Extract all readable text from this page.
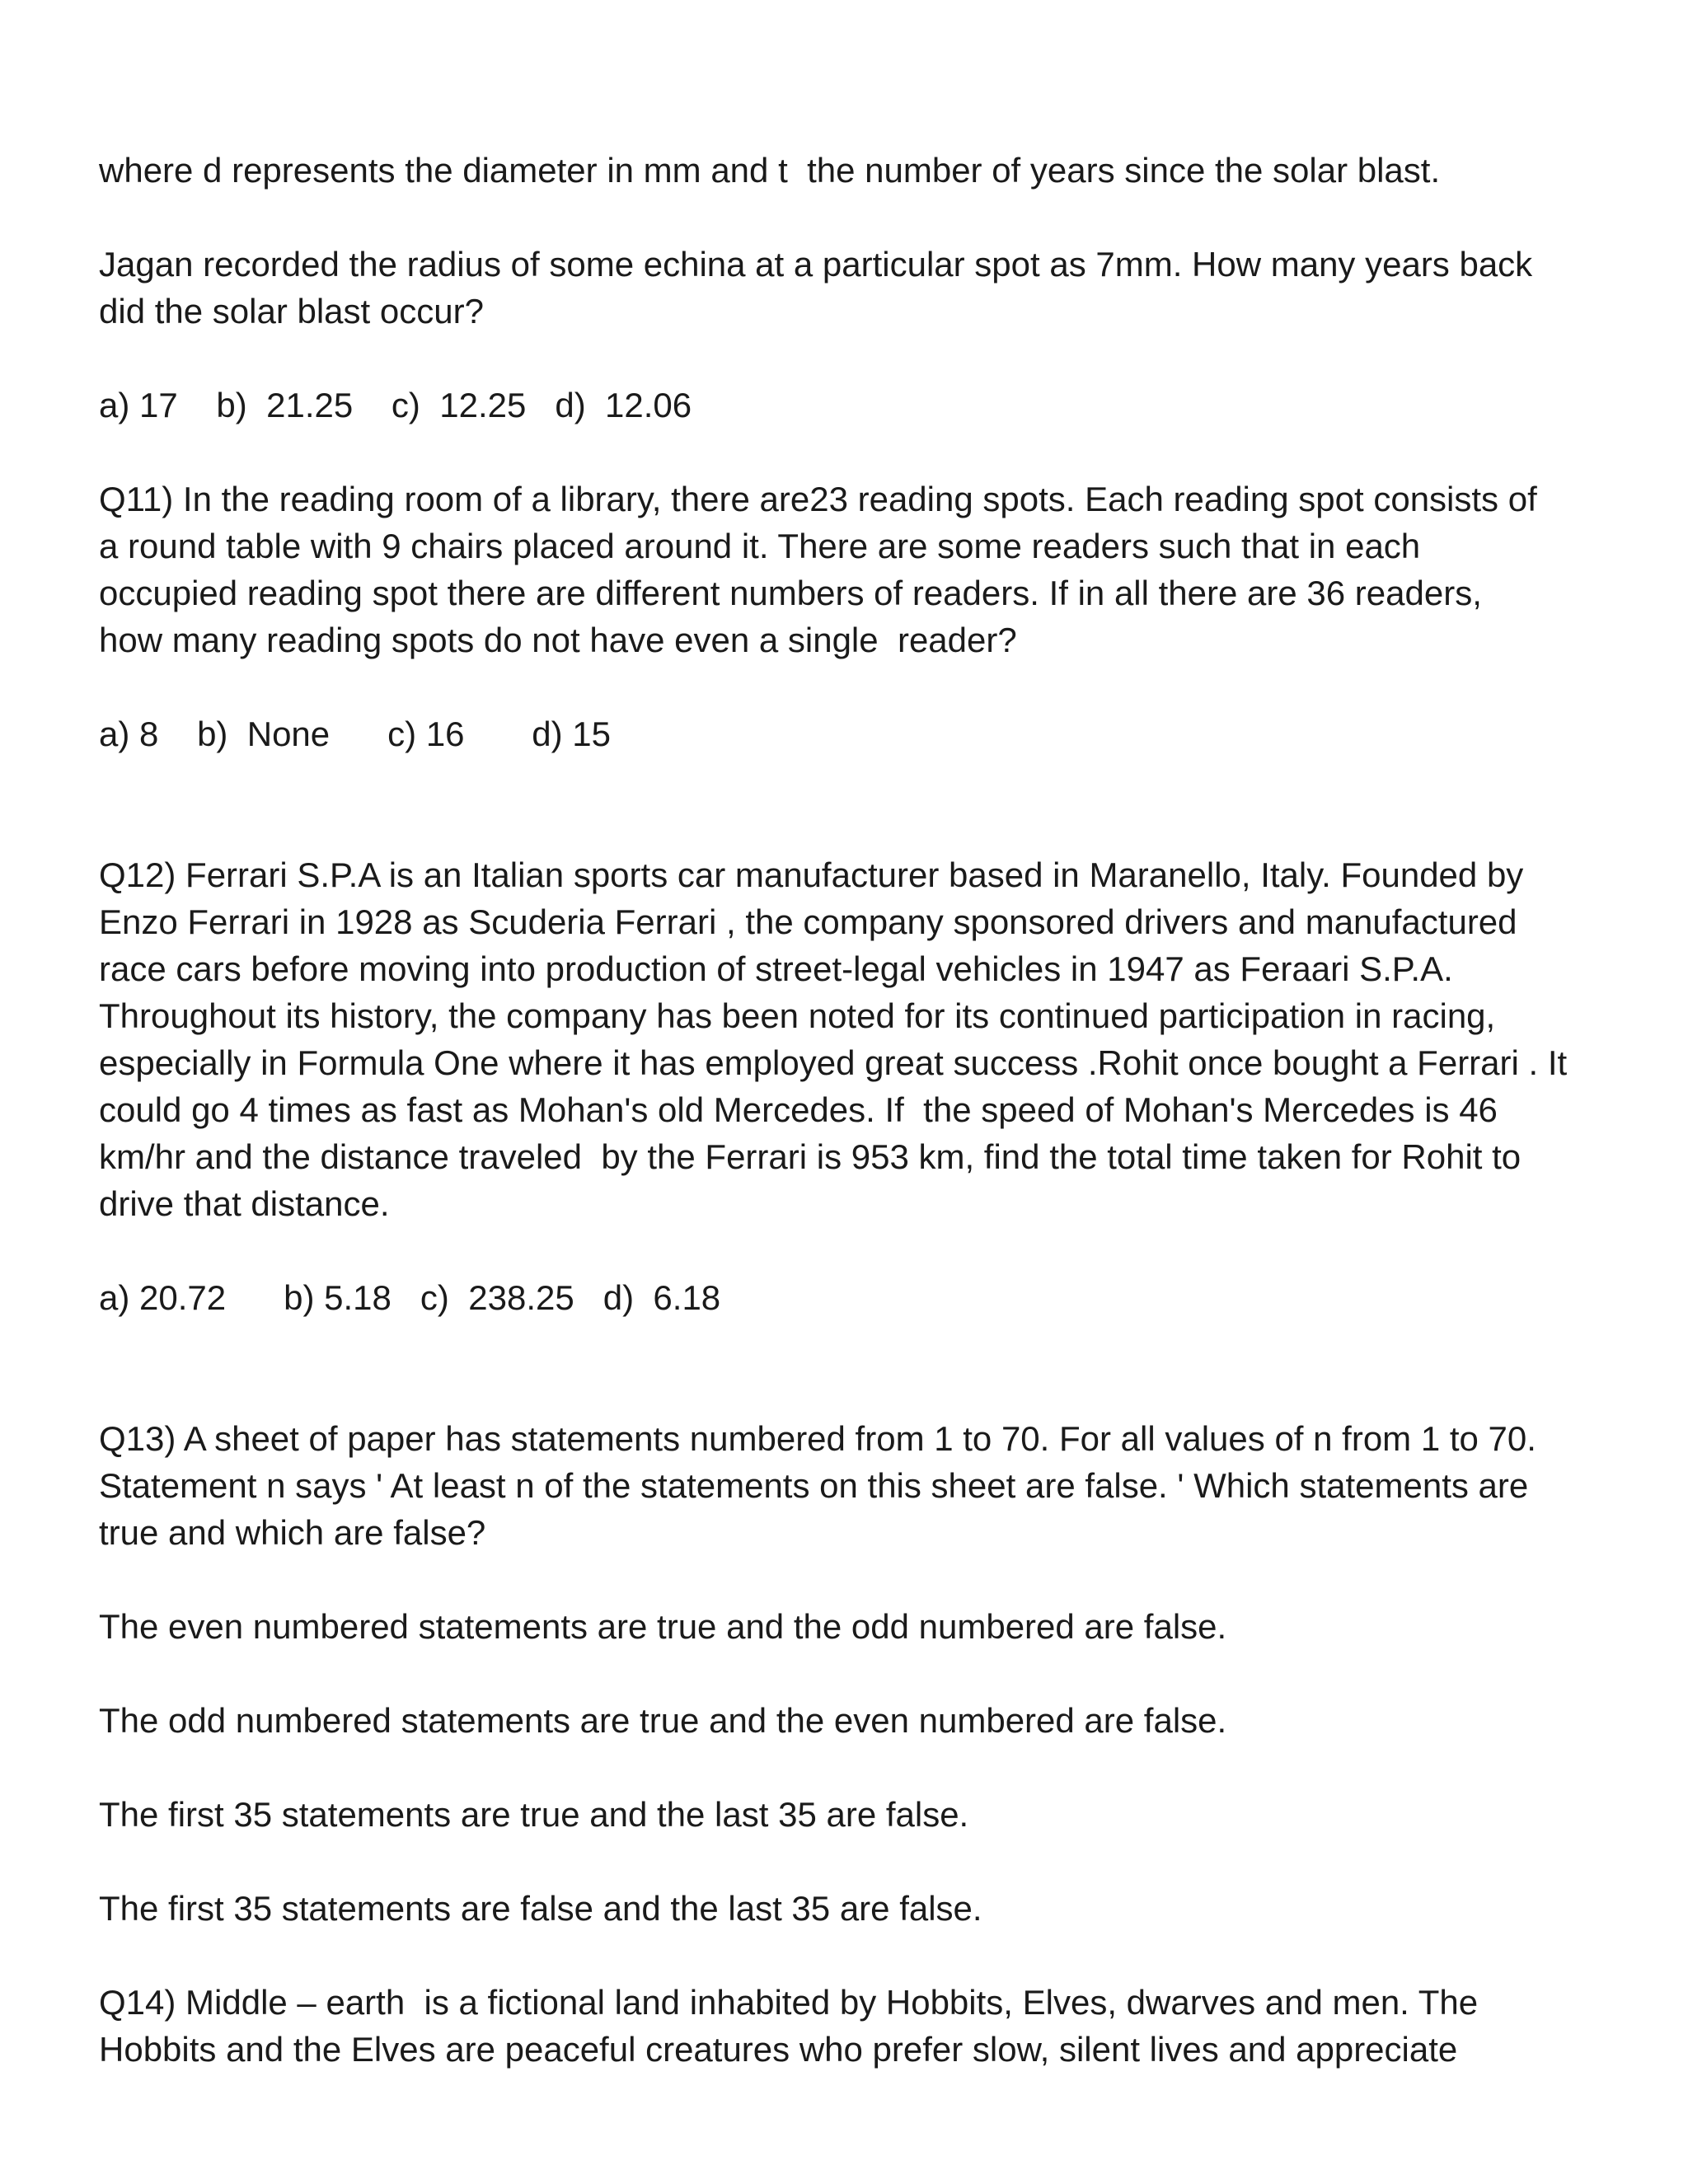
where d represents the diameter in mm and t  the number of years since the solar blast.

Jagan recorded the radius of some echina at a particular spot as 7mm. How many years back

did the solar blast occur?

a) 17 b)  21.25 c)  12.25 d)  12.06

Q11) In the reading room of a library, there are23 reading spots. Each reading spot consists of

a round table with 9 chairs placed around it. There are some readers such that in each

occupied reading spot there are different numbers of readers. If in all there are 36 readers,

how many reading spots do not have even a single  reader?

a) 8 b)  None c) 16 d) 15

Q12) Ferrari S.P.A is an Italian sports car manufacturer based in Maranello, Italy. Founded by

Enzo Ferrari in 1928 as Scuderia Ferrari , the company sponsored drivers and manufactured

race cars before moving into production of street-legal vehicles in 1947 as Feraari S.P.A.

Throughout its history, the company has been noted for its continued participation in racing,

especially in Formula One where it has employed great success .Rohit once bought a Ferrari . It

could go 4 times as fast as Mohan's old Mercedes. If  the speed of Mohan's Mercedes is 46

km/hr and the distance traveled  by the Ferrari is 953 km, find the total time taken for Rohit to

drive that distance.

a) 20.72 b) 5.18 c)  238.25 d)  6.18

Q13) A sheet of paper has statements numbered from 1 to 70. For all values of n from 1 to 70.

Statement n says ' At least n of the statements on this sheet are false. ' Which statements are

true and which are false?

The even numbered statements are true and the odd numbered are false.

The odd numbered statements are true and the even numbered are false.

The first 35 statements are true and the last 35 are false.

The first 35 statements are false and the last 35 are false.

Q14) Middle – earth  is a fictional land inhabited by Hobbits, Elves, dwarves and men. The

Hobbits and the Elves are peaceful creatures who prefer slow, silent lives and appreciate
